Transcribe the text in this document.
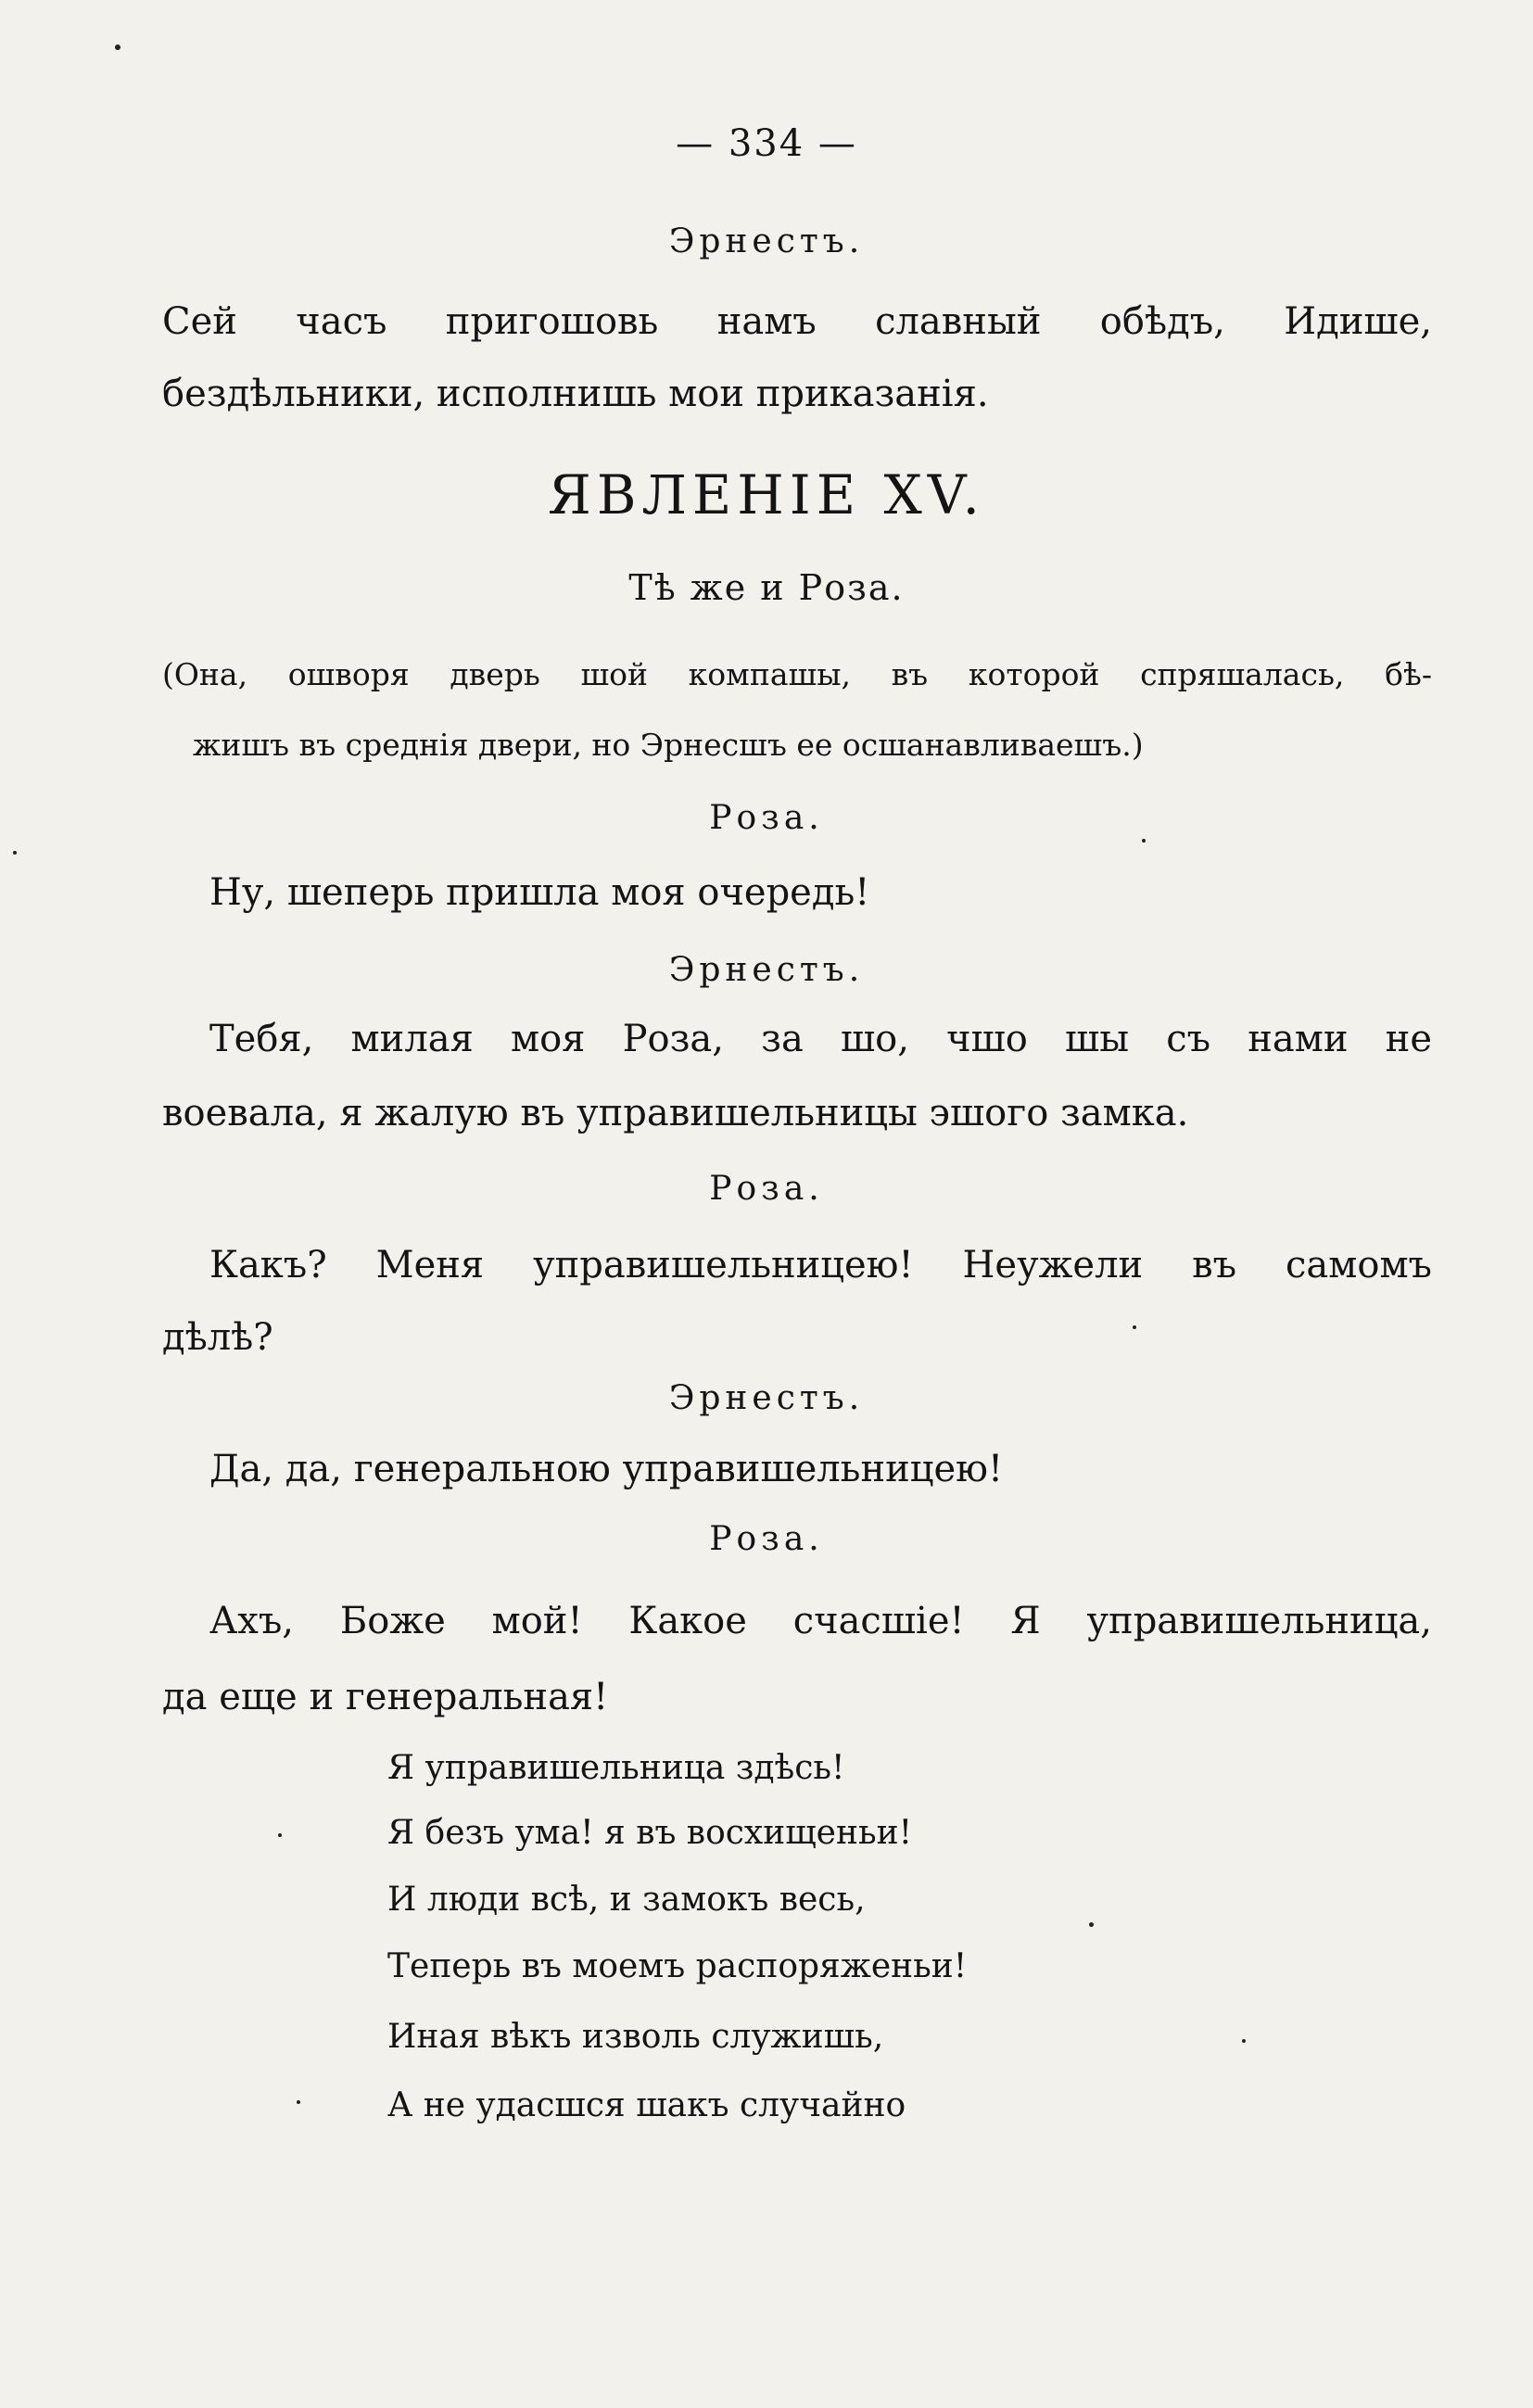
— 334 —
Эрнестъ.
Сей часъ пригошовь намъ славный обѣдъ, Идише,
бездѣльники, исполнишь мои приказанія.
ЯВЛЕНІЕ XV.
Тѣ же и Роза.
(Она, ошворя дверь шой компашы, въ которой спряшалась, бѣ-
жишъ въ среднія двери, но Эрнесшъ ее осшанавливаешъ.)
Роза.
Ну, шеперь пришла моя очередь!
Эрнестъ.
Тебя, милая моя Роза, за шо, чшо шы съ нами не
воевала, я жалую въ управишельницы эшого замка.
Роза.
Какъ? Меня управишельницею! Неужели въ самомъ
дѣлѣ?
Эрнестъ.
Да, да, генеральною управишельницею!
Роза.
Ахъ, Боже мой! Какое счасшіе! Я управишельница,
да еще и генеральная!
Я управишельница здѣсь!
Я безъ ума! я въ восхищеньи!
И люди всѣ, и замокъ весь,
Теперь въ моемъ распоряженьи!
Иная вѣкъ изволь служишь,
А не удасшся шакъ случайно
